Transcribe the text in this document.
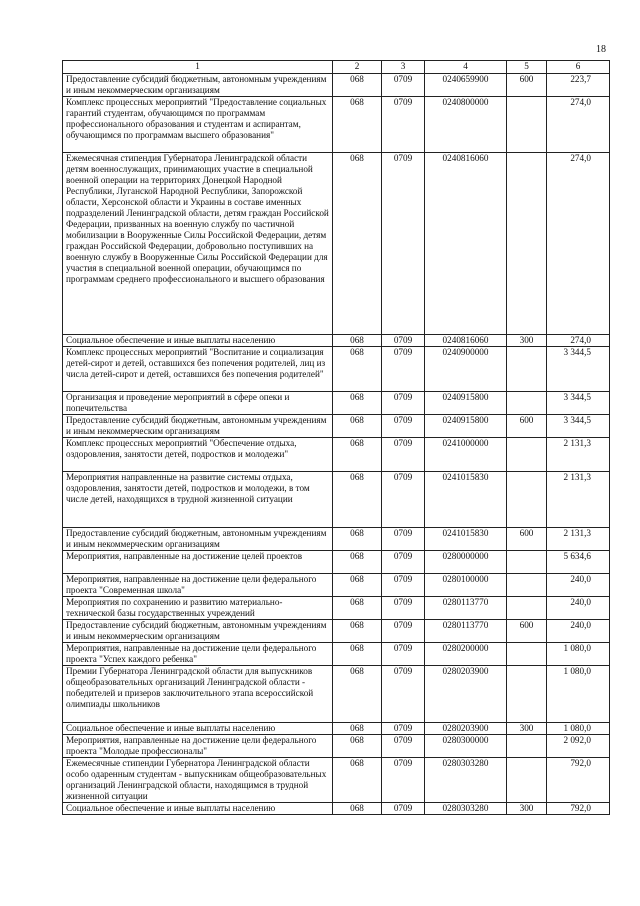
18
1	2	3	4	5	6
Предоставление субсидий бюджетным, автономным учреждениям и иным некоммерческим организациям	068	0709	0240659900	600	223,7
Комплекс процессных мероприятий "Предоставление социальных гарантий студентам, обучающимся по программам профессионального образования и студентам и аспирантам, обучающимся по программам высшего образования"	068	0709	0240800000		274,0
Ежемесячная стипендия Губернатора Ленинградской области детям военнослужащих, принимающих участие в специальной военной операции на территориях Донецкой Народной Республики, Луганской Народной Республики, Запорожской области, Херсонской области и Украины в составе именных подразделений Ленинградской области, детям граждан Российской Федерации, призванных на военную службу по частичной мобилизации в Вооруженные Силы Российской Федерации, детям граждан Российской Федерации, добровольно поступивших на военную службу в Вооруженные Силы Российской Федерации для участия в специальной военной операции, обучающимся по программам среднего профессионального и высшего образования	068	0709	0240816060		274,0
Социальное обеспечение и иные выплаты населению	068	0709	0240816060	300	274,0
Комплекс процессных мероприятий "Воспитание и социализация детей-сирот и детей, оставшихся без попечения родителей, лиц из числа детей-сирот и детей, оставшихся без попечения родителей"	068	0709	0240900000		3 344,5
Организация и проведение мероприятий в сфере опеки и попечительства	068	0709	0240915800		3 344,5
Предоставление субсидий бюджетным, автономным учреждениям и иным некоммерческим организациям	068	0709	0240915800	600	3 344,5
Комплекс процессных мероприятий "Обеспечение отдыха, оздоровления, занятости детей, подростков и молодежи"	068	0709	0241000000		2 131,3
Мероприятия направленные на развитие системы отдыха, оздоровления, занятости детей, подростков и молодежи, в том числе детей, находящихся в трудной жизненной ситуации	068	0709	0241015830		2 131,3
Предоставление субсидий бюджетным, автономным учреждениям и иным некоммерческим организациям	068	0709	0241015830	600	2 131,3
Мероприятия, направленные на достижение целей проектов	068	0709	0280000000		5 634,6
Мероприятия, направленные на достижение цели федерального проекта "Современная школа"	068	0709	0280100000		240,0
Мероприятия по сохранению и развитию материально-технической базы государственных учреждений	068	0709	0280113770		240,0
Предоставление субсидий бюджетным, автономным учреждениям и иным некоммерческим организациям	068	0709	0280113770	600	240,0
Мероприятия, направленные на достижение цели федерального проекта "Успех каждого ребенка"	068	0709	0280200000		1 080,0
Премии Губернатора Ленинградской области для выпускников общеобразовательных организаций Ленинградской области - победителей и призеров заключительного этапа всероссийской олимпиады школьников	068	0709	0280203900		1 080,0
Социальное обеспечение и иные выплаты населению	068	0709	0280203900	300	1 080,0
Мероприятия, направленные на достижение цели федерального проекта "Молодые профессионалы"	068	0709	0280300000		2 092,0
Ежемесячные стипендии Губернатора Ленинградской области особо одаренным студентам - выпускникам общеобразовательных организаций Ленинградской области, находящимся в трудной жизненной ситуации	068	0709	0280303280		792,0
Социальное обеспечение и иные выплаты населению	068	0709	0280303280	300	792,0
